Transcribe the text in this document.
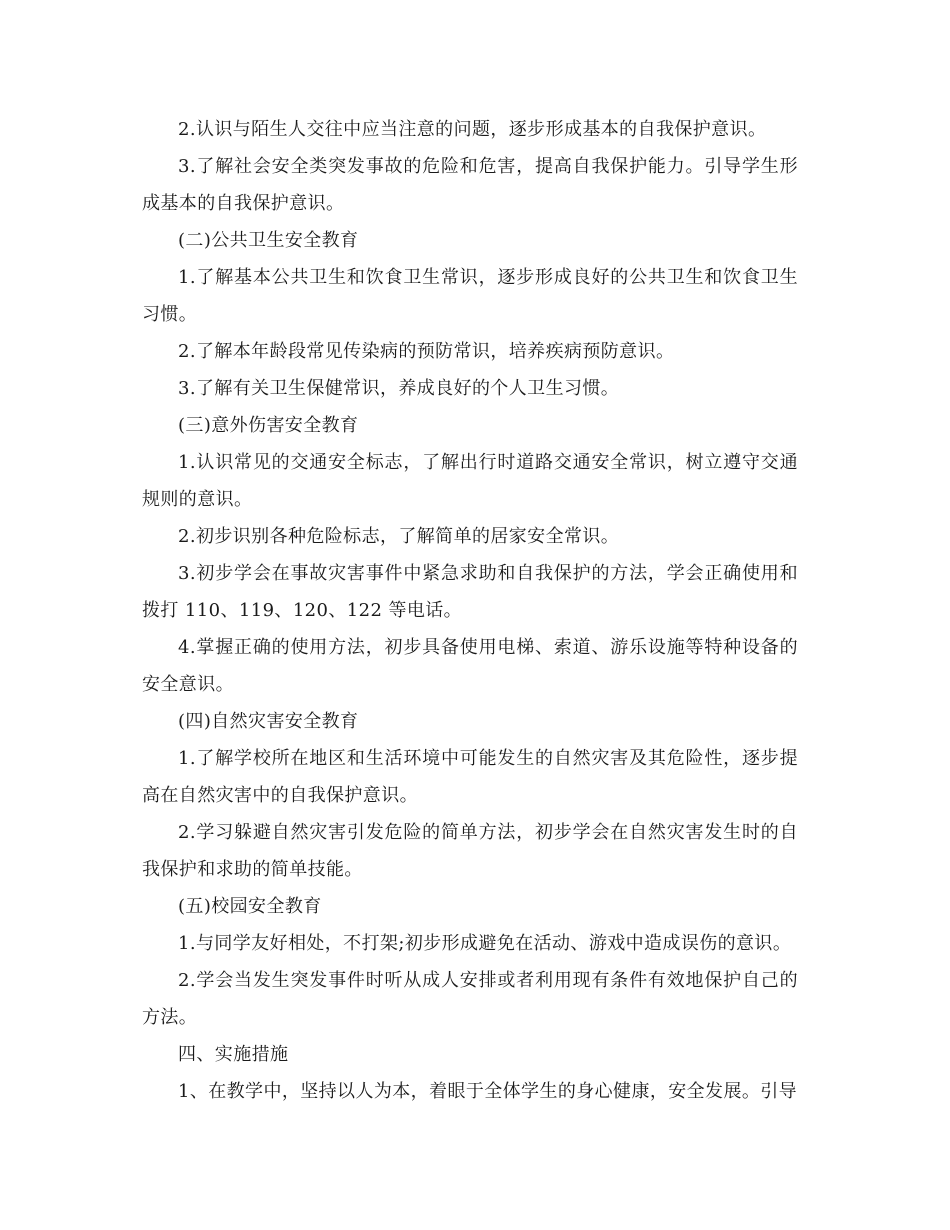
2.认识与陌生人交往中应当注意的问题，逐步形成基本的自我保护意识。

3.了解社会安全类突发事故的危险和危害，提高自我保护能力。引导学生形成基本的自我保护意识。

(二)公共卫生安全教育

1.了解基本公共卫生和饮食卫生常识，逐步形成良好的公共卫生和饮食卫生习惯。

2.了解本年龄段常见传染病的预防常识，培养疾病预防意识。

3.了解有关卫生保健常识，养成良好的个人卫生习惯。

(三)意外伤害安全教育

1.认识常见的交通安全标志，了解出行时道路交通安全常识，树立遵守交通规则的意识。

2.初步识别各种危险标志，了解简单的居家安全常识。

3.初步学会在事故灾害事件中紧急求助和自我保护的方法，学会正确使用和拨打 110、119、120、122 等电话。

4.掌握正确的使用方法，初步具备使用电梯、索道、游乐设施等特种设备的安全意识。

(四)自然灾害安全教育

1.了解学校所在地区和生活环境中可能发生的自然灾害及其危险性，逐步提高在自然灾害中的自我保护意识。

2.学习躲避自然灾害引发危险的简单方法，初步学会在自然灾害发生时的自我保护和求助的简单技能。

(五)校园安全教育

1.与同学友好相处，不打架;初步形成避免在活动、游戏中造成误伤的意识。

2.学会当发生突发事件时听从成人安排或者利用现有条件有效地保护自己的方法。

四、实施措施

1、在教学中，坚持以人为本，着眼于全体学生的身心健康，安全发展。引导
